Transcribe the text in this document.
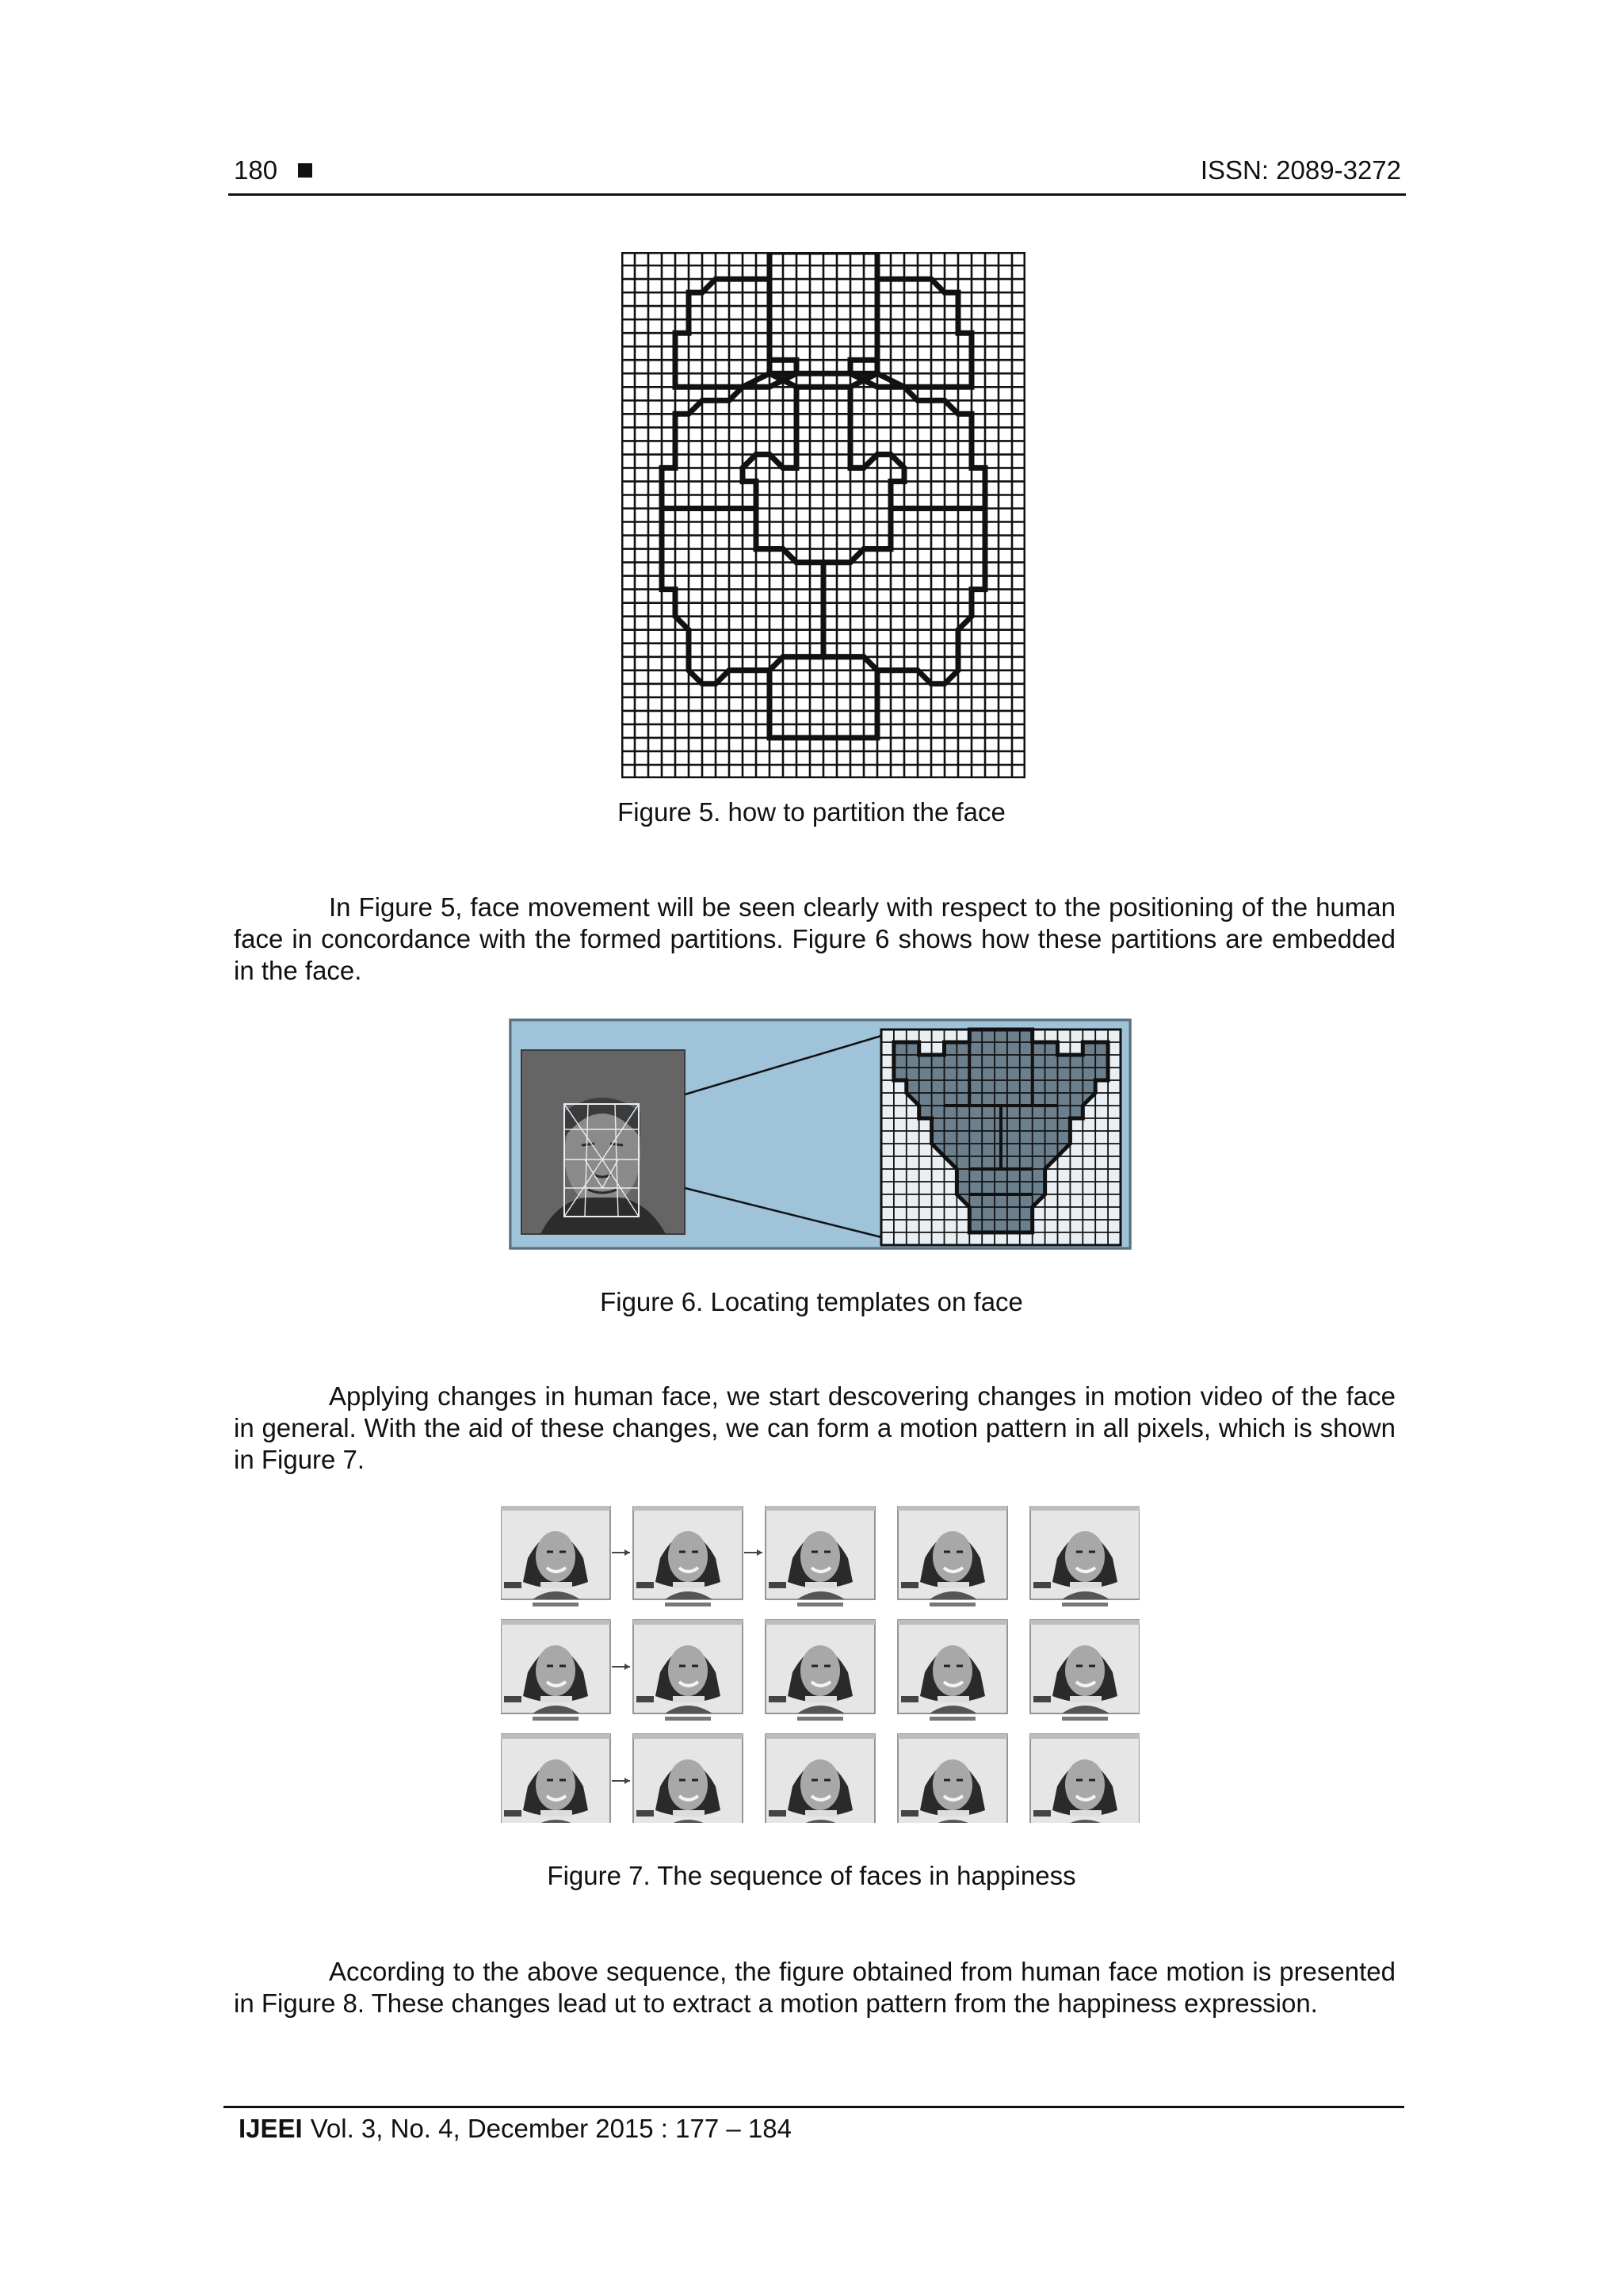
180	ISSN: 2089-3272
Figure 5. how to partition the face

In Figure 5, face movement will be seen clearly with respect to the positioning of the human face in concordance with the formed partitions. Figure 6 shows how these partitions are embedded in the face.

Figure 6. Locating templates on face

Applying changes in human face, we start descovering changes in motion video of the face in general. With the aid of these changes, we can form a motion pattern in all pixels, which is shown in Figure 7.

Figure 7. The sequence of faces in happiness

According to the above sequence, the figure obtained from human face motion is presented in Figure 8. These changes lead ut to extract a motion pattern from the happiness expression.

IJEEI Vol. 3, No. 4, December 2015 : 177 – 184
